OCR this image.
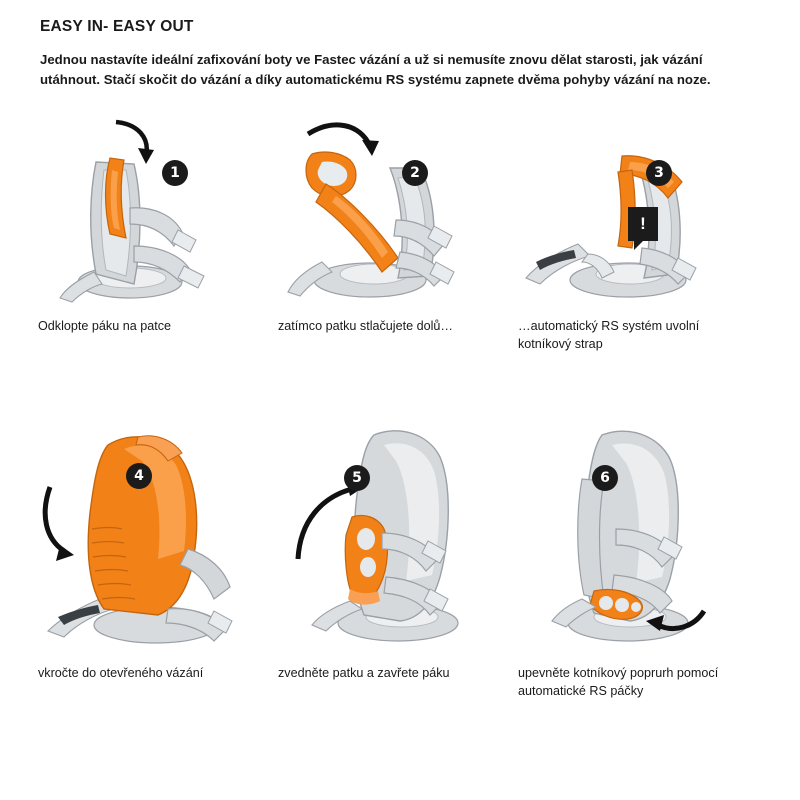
EASY IN- EASY OUT

Jednou nastavíte ideální zafixování boty ve Fastec vázání a už si nemusíte znovu dělat starosti, jak vázání utáhnout. Stačí skočit do vázání a díky automatickému RS systému zapnete dvěma pohyby vázání na noze.

1
Odklopte páku na patce
2
zatímco patku stlačujete dolů…
3
!
…automatický RS systém uvolní kotníkový strap
4
vkročte do otevřeného vázání
5
zvedněte patku a zavřete páku
6
upevněte kotníkový poprurh pomocí automatické RS páčky
